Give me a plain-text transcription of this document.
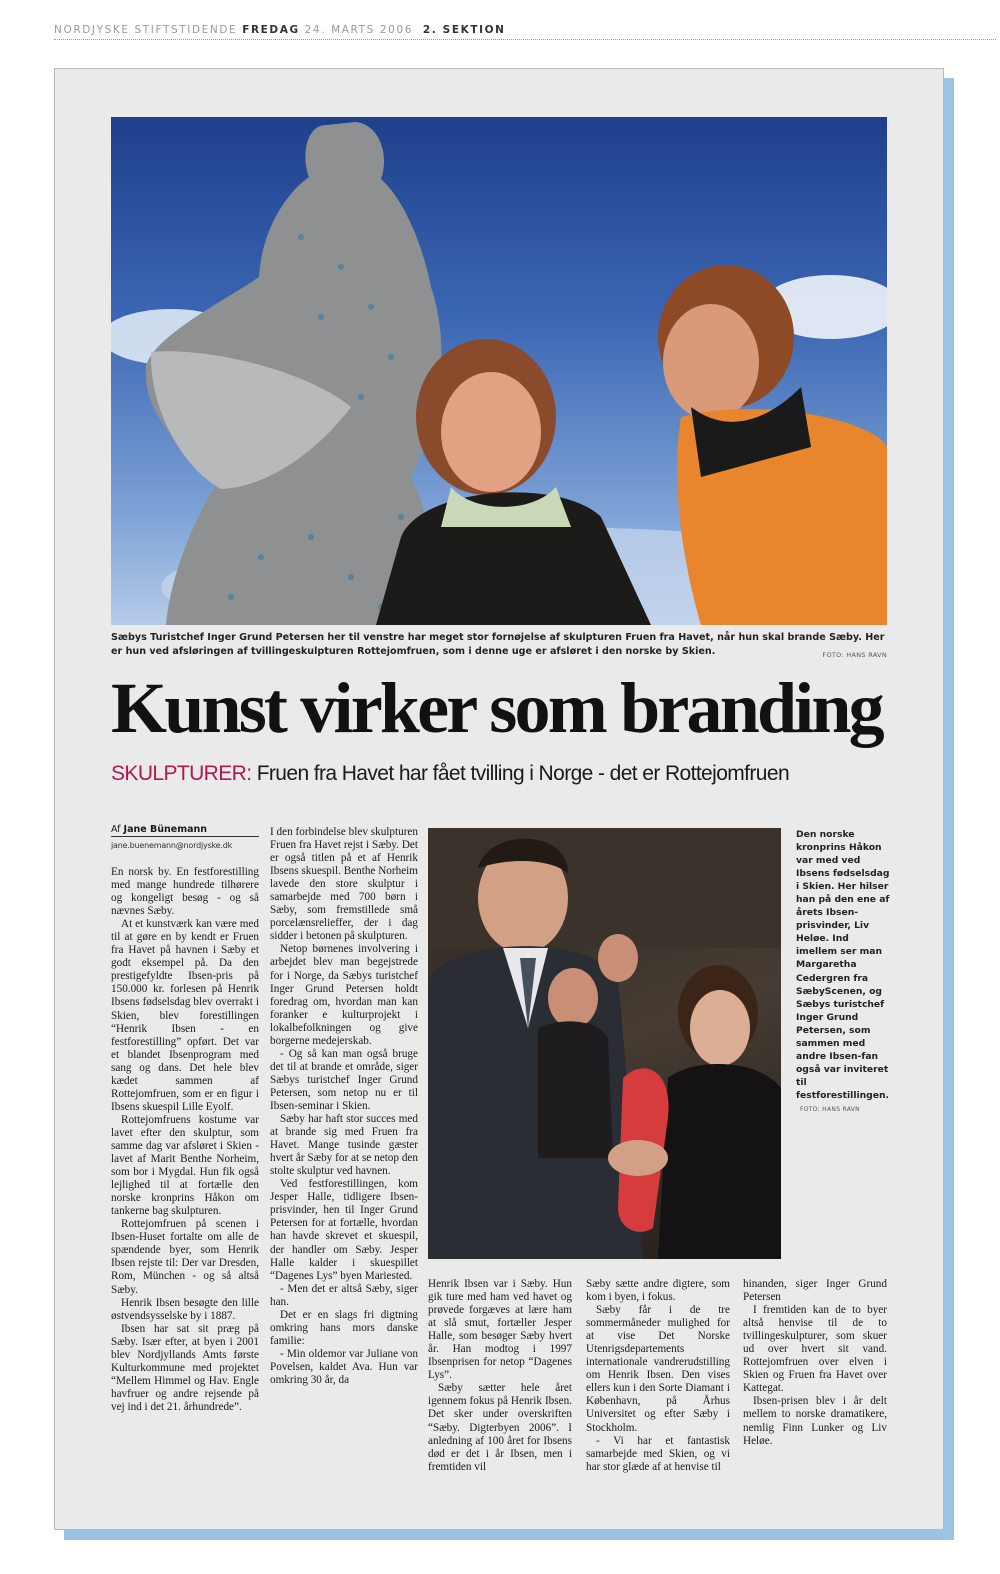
NORDJYSKE STIFTSTIDENDE FREDAG 24. MARTS 2006 2. SEKTION
Sæbys Turistchef Inger Grund Petersen her til venstre har meget stor fornøjelse af skulpturen Fruen fra Havet, når hun skal brande Sæby. Her er hun ved afsløringen af tvillingeskulpturen Rottejomfruen, som i denne uge er afsløret i den norske by Skien.	FOTO: HANS RAVN
Kunst virker som branding
SKULPTURER: Fruen fra Havet har fået tvilling i Norge - det er Rottejomfruen
Af Jane Bünemann
jane.buenemann@nordjyske.dk

En norsk by. En festforestilling med mange hundrede tilhørere og kongeligt besøg - og så nævnes Sæby.

At et kunstværk kan være med til at gøre en by kendt er Fruen fra Havet på havnen i Sæby et godt eksempel på. Da den prestigefyldte Ibsen-pris på 150.000 kr. forlesen på Henrik Ibsens fødselsdag blev overrakt i Skien, blev forestillingen “Henrik Ibsen - en festforestilling” opført. Det var et blandet Ibsenprogram med sang og dans. Det hele blev kædet sammen af Rottejomfruen, som er en figur i Ibsens skuespil Lille Eyolf.

Rottejomfruens kostume var lavet efter den skulptur, som samme dag var afsløret i Skien - lavet af Marit Benthe Norheim, som bor i Mygdal. Hun fik også lejlighed til at fortælle den norske kronprins Håkon om tankerne bag skulpturen.

Rottejomfruen på scenen i Ibsen-Huset fortalte om alle de spændende byer, som Henrik Ibsen rejste til: Der var Dresden, Rom, München - og så altså Sæby.

Henrik Ibsen besøgte den lille østvendsysselske by i 1887.

Ibsen har sat sit præg på Sæby. Især efter, at byen i 2001 blev Nordjyllands Amts første Kulturkommune med projektet “Mellem Himmel og Hav. Engle havfruer og andre rejsende på vej ind i det 21. århundrede”.

I den forbindelse blev skulpturen Fruen fra Havet rejst i Sæby. Det er også titlen på et af Henrik Ibsens skuespil. Benthe Norheim lavede den store skulptur i samarbejde med 700 børn i Sæby, som fremstillede små porcelænsrelieffer, der i dag sidder i betonen på skulpturen.

Netop børnenes involvering i arbejdet blev man begejstrede for i Norge, da Sæbys turistchef Inger Grund Petersen holdt foredrag om, hvordan man kan foranker e kulturprojekt i lokalbefolkningen og give borgerne medejerskab.

- Og så kan man også bruge det til at brande et område, siger Sæbys turistchef Inger Grund Petersen, som netop nu er til Ibsen-seminar i Skien.

Sæby har haft stor succes med at brande sig med Fruen fra Havet. Mange tusinde gæster hvert år Sæby for at se netop den stolte skulptur ved havnen.

Ved festforestillingen, kom Jesper Halle, tidligere Ibsen-prisvinder, hen til Inger Grund Petersen for at fortælle, hvordan han havde skrevet et skuespil, der handler om Sæby. Jesper Halle kalder i skuespillet “Dagenes Lys” byen Mariested.

- Men det er altså Sæby, siger han.

Det er en slags fri digtning omkring hans mors danske familie:

- Min oldemor var Juliane von Povelsen, kaldet Ava. Hun var omkring 30 år, da

Den norske kronprins Håkon var med ved Ibsens fødselsdag i Skien. Her hilser han på den ene af årets Ibsen-prisvinder, Liv Heløe. Ind imellem ser man Margaretha Cedergren fra SæbyScenen, og Sæbys turistchef Inger Grund Petersen, som sammen med andre Ibsen-fan også var inviteret til festforestillingen. FOTO: HANS RAVN

Henrik Ibsen var i Sæby. Hun gik ture med ham ved havet og prøvede forgæves at lære ham at slå smut, fortæller Jesper Halle, som besøger Sæby hvert år. Han modtog i 1997 Ibsenprisen for netop “Dagenes Lys”.

Sæby sætter hele året igennem fokus på Henrik Ibsen. Det sker under overskriften “Sæby. Digterbyen 2006”. I anledning af 100 året for Ibsens død er det i år Ibsen, men i fremtiden vil

Sæby sætte andre digtere, som kom i byen, i fokus.

Sæby får i de tre sommermåneder mulighed for at vise Det Norske Utenrigsdepartements internationale vandrerudstilling om Henrik Ibsen. Den vises ellers kun i den Sorte Diamant i København, på Århus Universitet og efter Sæby i Stockholm.

- Vi har et fantastisk samarbejde med Skien, og vi har stor glæde af at henvise til

hinanden, siger Inger Grund Petersen

I fremtiden kan de to byer altså henvise til de to tvillingeskulpturer, som skuer ud over hvert sit vand. Rottejomfruen over elven i Skien og Fruen fra Havet over Kattegat.

Ibsen-prisen blev i år delt mellem to norske dramatikere, nemlig Finn Lunker og Liv Heløe.
